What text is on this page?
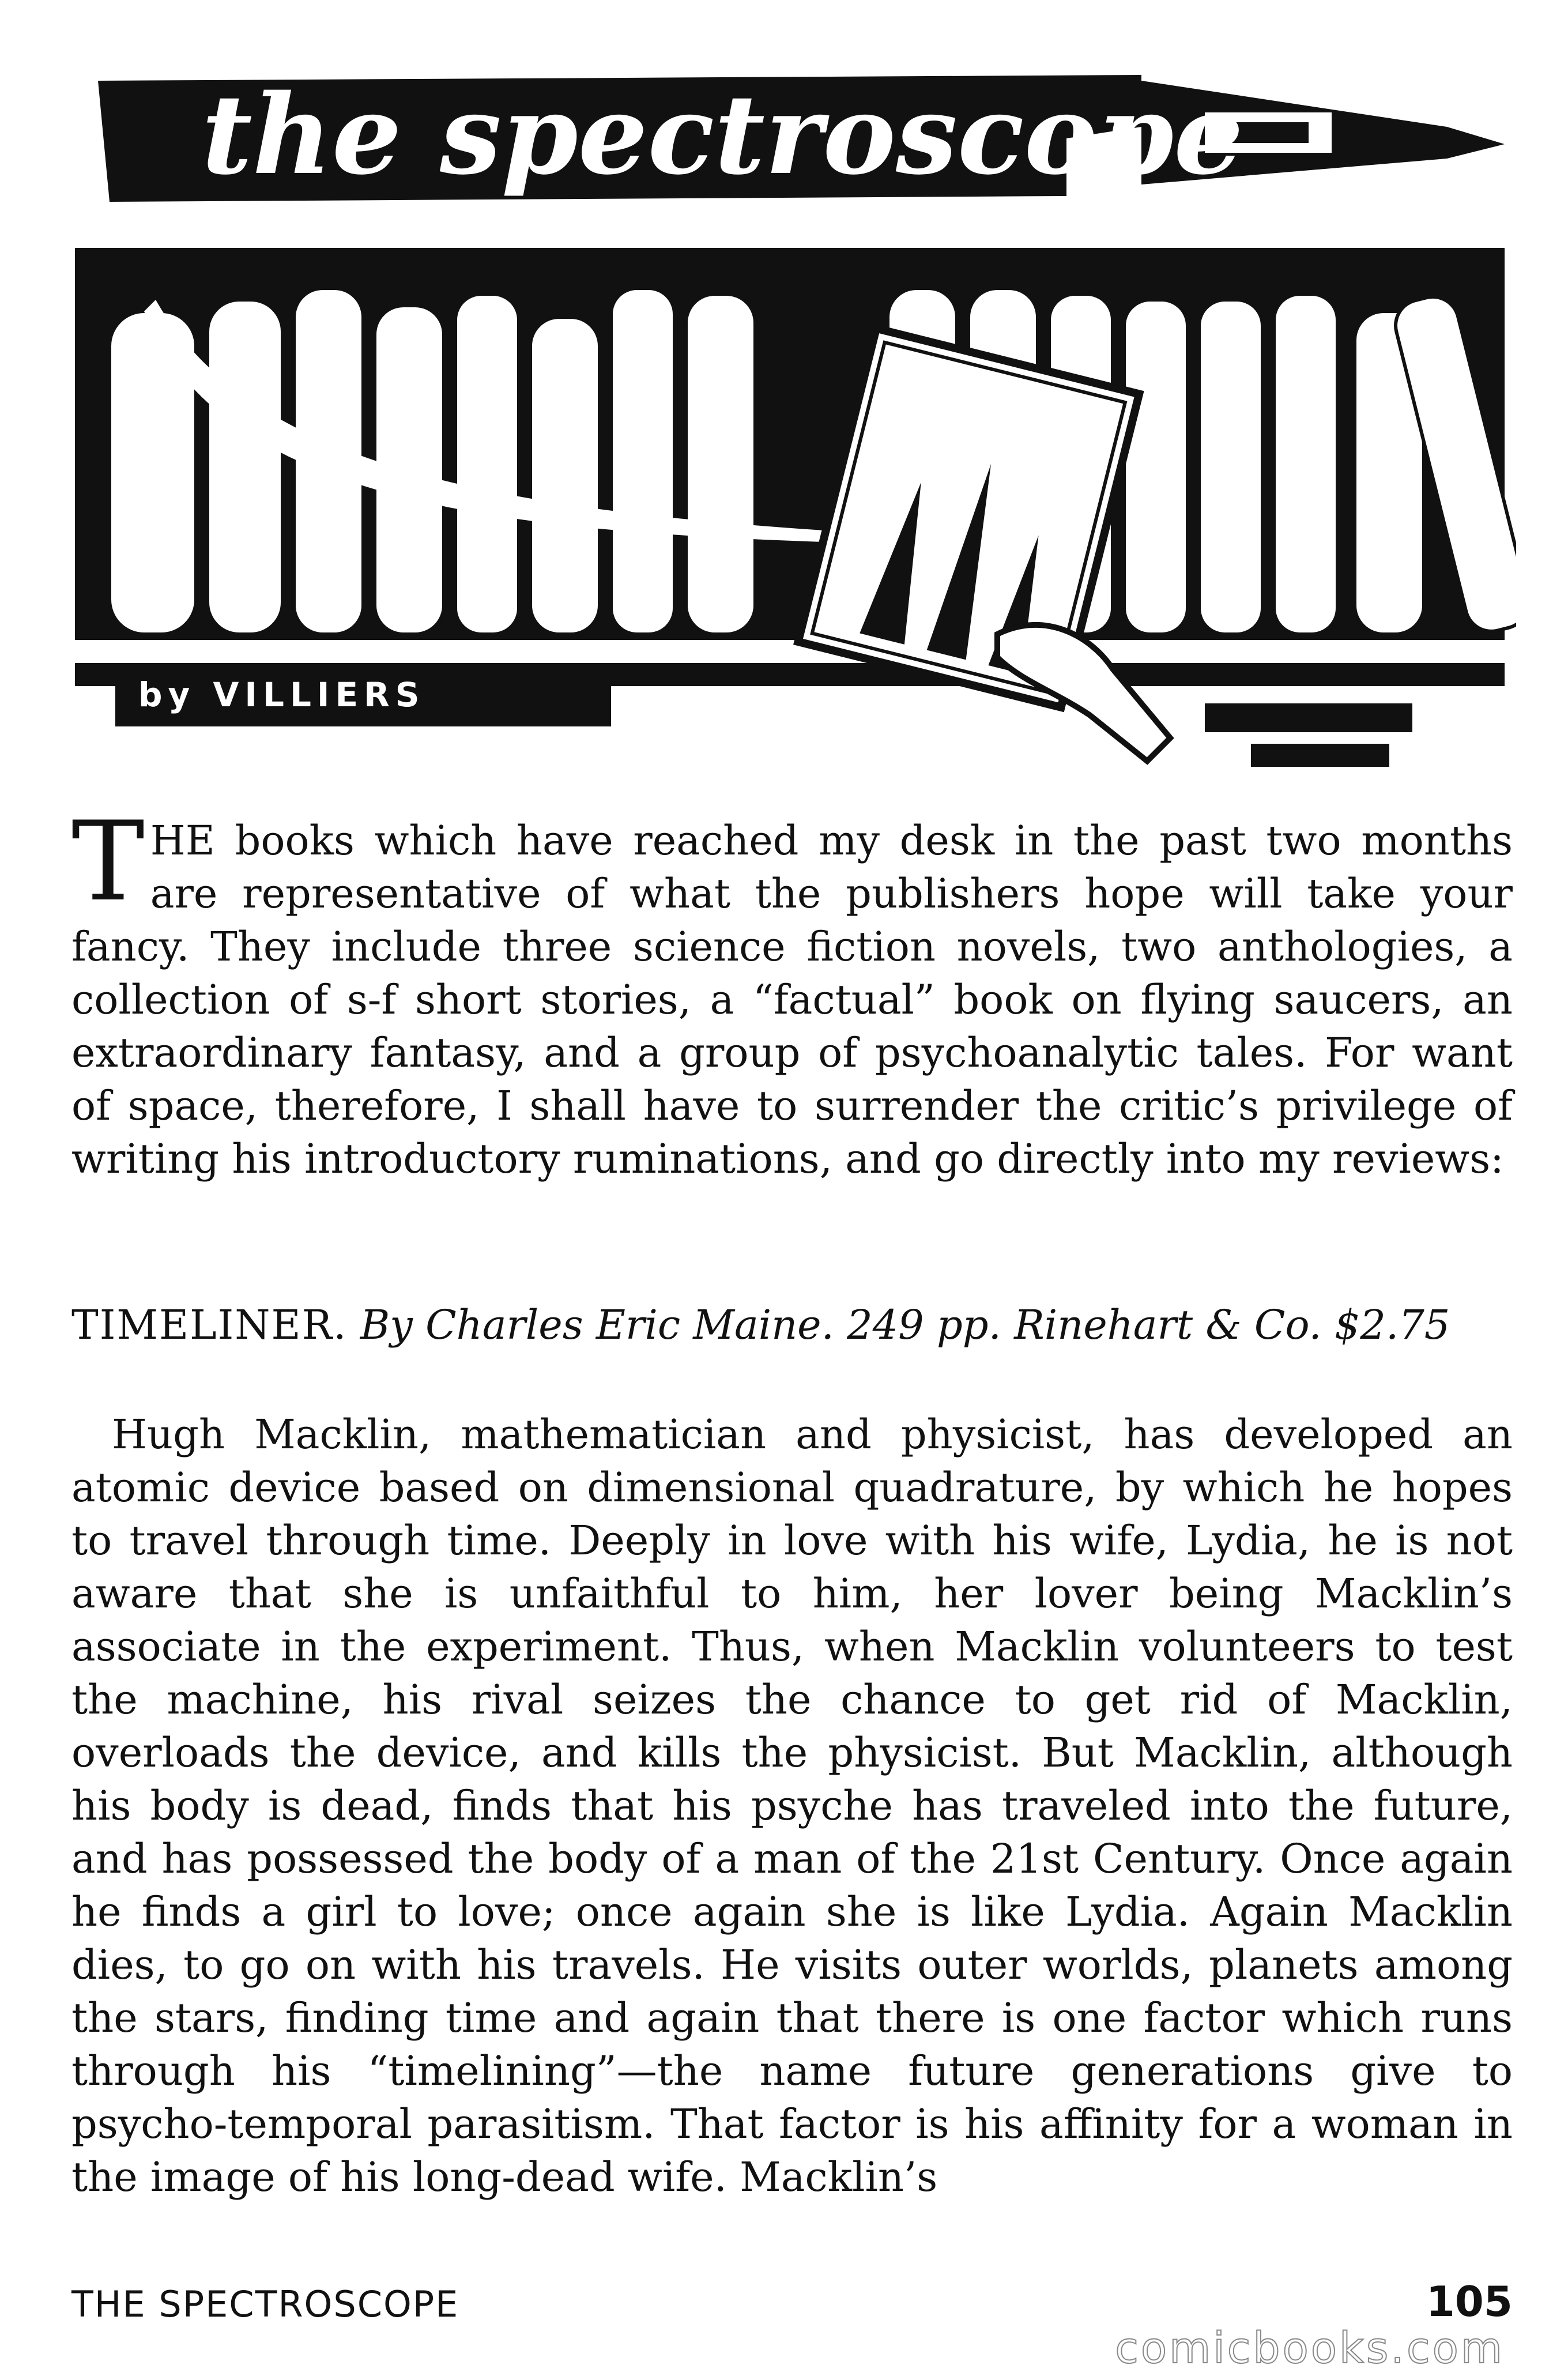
the spectroscope
by VILLIERS GERSON

THE books which have reached my desk in the past two months are representative of what the publishers hope will take your fancy. They include three science fiction novels, two anthologies, a collection of s-f short stories, a “factual” book on flying saucers, an extraordinary fantasy, and a group of psychoanalytic tales. For want of space, therefore, I shall have to surrender the critic’s privilege of writing his introductory ruminations, and go directly into my reviews:

TIMELINER. By Charles Eric Maine. 249 pp. Rinehart & Co. $2.75

Hugh Macklin, mathematician and physicist, has developed an atomic device based on dimensional quadrature, by which he hopes to travel through time. Deeply in love with his wife, Lydia, he is not aware that she is unfaithful to him, her lover being Macklin’s associate in the experiment. Thus, when Macklin volunteers to test the machine, his rival seizes the chance to get rid of Macklin, overloads the device, and kills the physicist. But Macklin, although his body is dead, finds that his psyche has traveled into the future, and has possessed the body of a man of the 21st Century. Once again he finds a girl to love; once again she is like Lydia. Again Macklin dies, to go on with his travels. He visits outer worlds, planets among the stars, finding time and again that there is one factor which runs through his “timelining”—the name future generations give to psycho-temporal parasitism. That factor is his affinity for a woman in the image of his long-dead wife. Macklin’s

THE SPECTROSCOPE	105
comicbooks.com
